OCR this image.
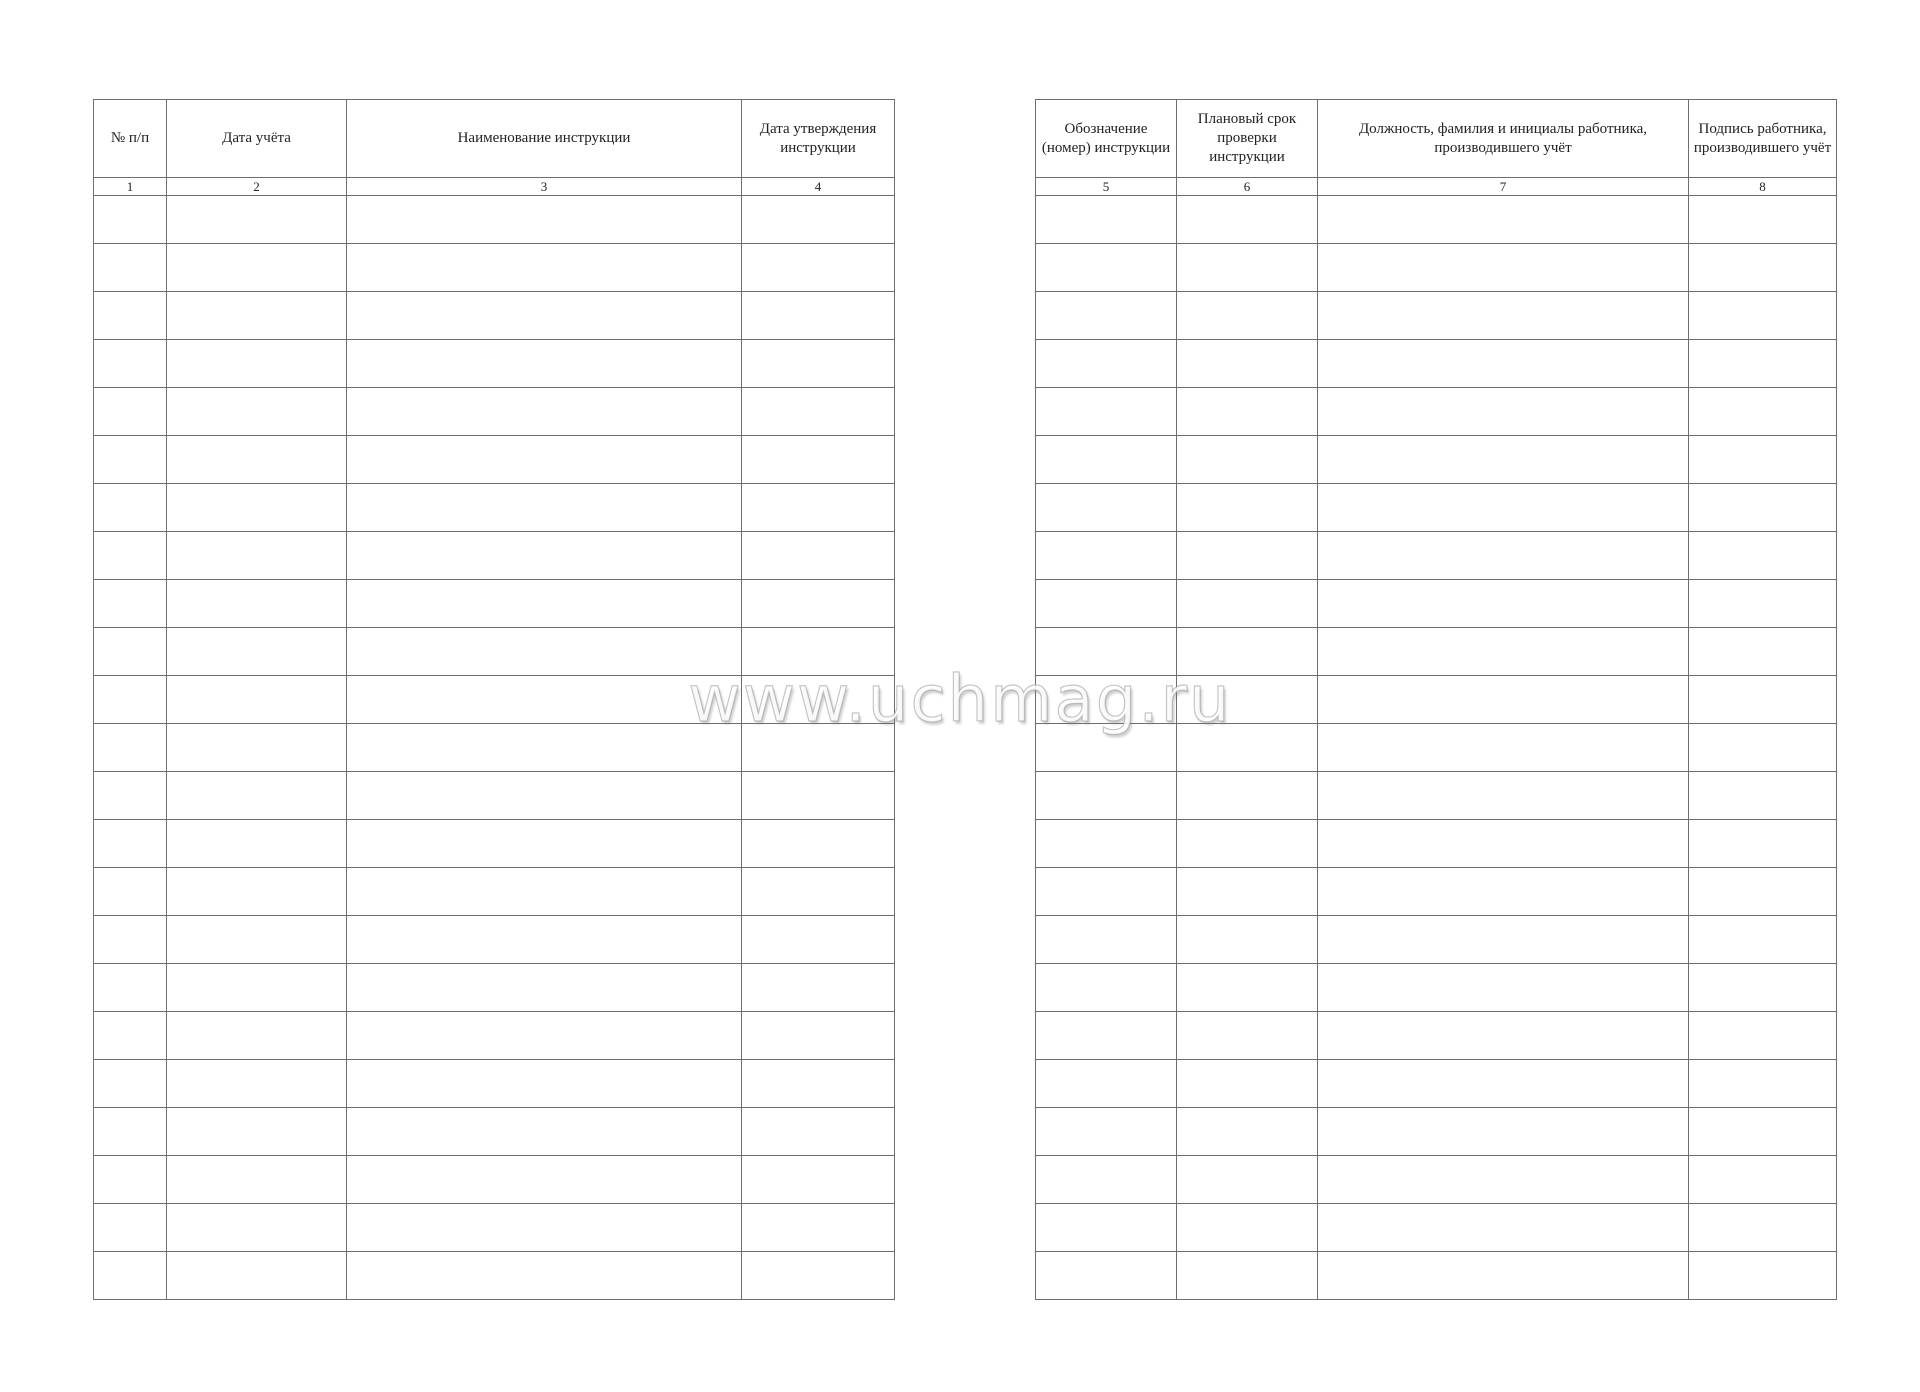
№ п/п	Дата учёта	Наименование инструкции	Дата утверждения инструкции
1	2	3	4

Обозначение (номер) инструкции	Плановый срок проверки инструкции	Должность, фамилия и инициалы работника, производившего учёт	Подпись работника, производившего учёт
5	6	7	8

www.uchmag.ru
